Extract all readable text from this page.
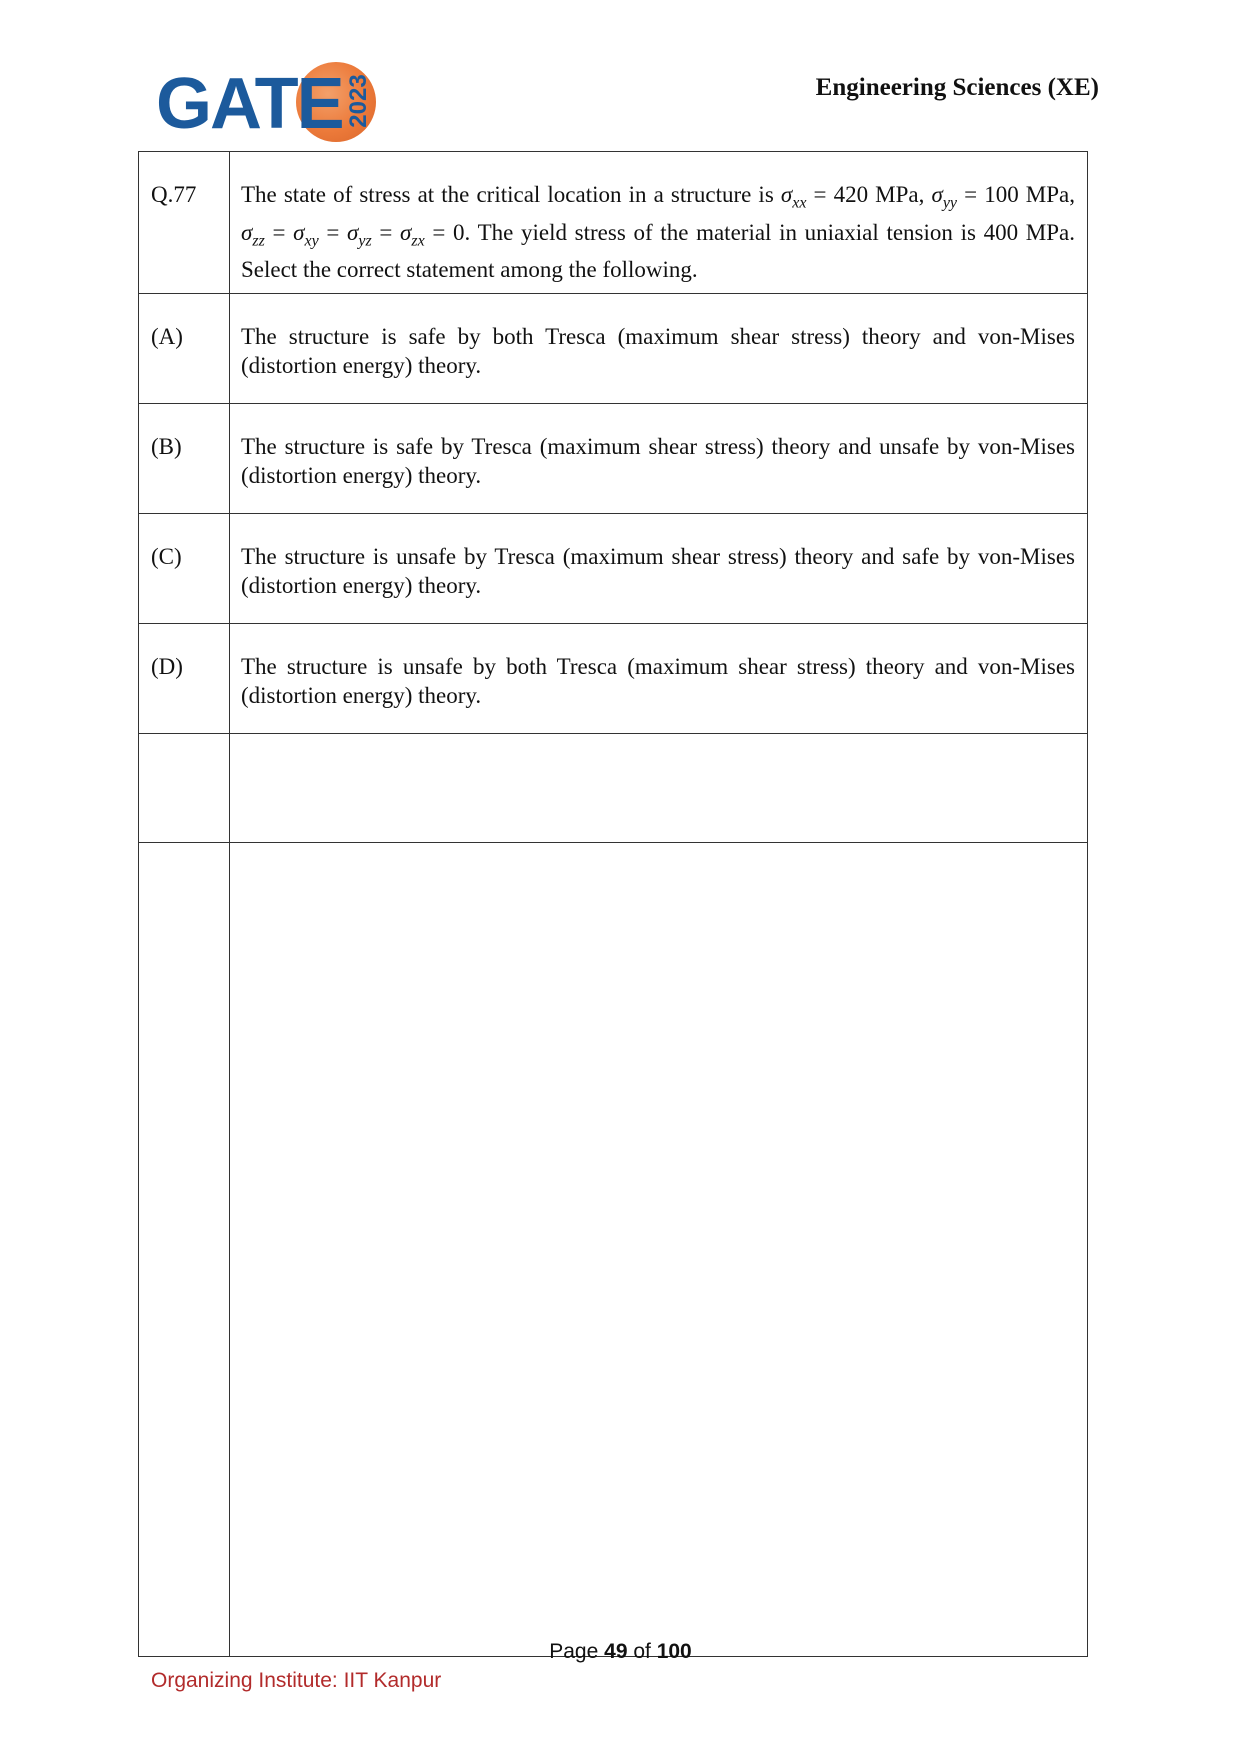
GATE 2023	Engineering Sciences (XE)
Q.77	The state of stress at the critical location in a structure is $\sigma_{xx} = 420$ MPa, $\sigma_{yy} = 100$ MPa, $\sigma_{zz} = \sigma_{xy} = \sigma_{yz} = \sigma_{zx} = 0$. The yield stress of the material in uniaxial tension is 400 MPa. Select the correct statement among the following.
(A)	The structure is safe by both Tresca (maximum shear stress) theory and von-Mises (distortion energy) theory.
(B)	The structure is safe by Tresca (maximum shear stress) theory and unsafe by von-Mises (distortion energy) theory.
(C)	The structure is unsafe by Tresca (maximum shear stress) theory and safe by von-Mises (distortion energy) theory.
(D)	The structure is unsafe by both Tresca (maximum shear stress) theory and von-Mises (distortion energy) theory.

Page 49 of 100
Organizing Institute: IIT Kanpur
